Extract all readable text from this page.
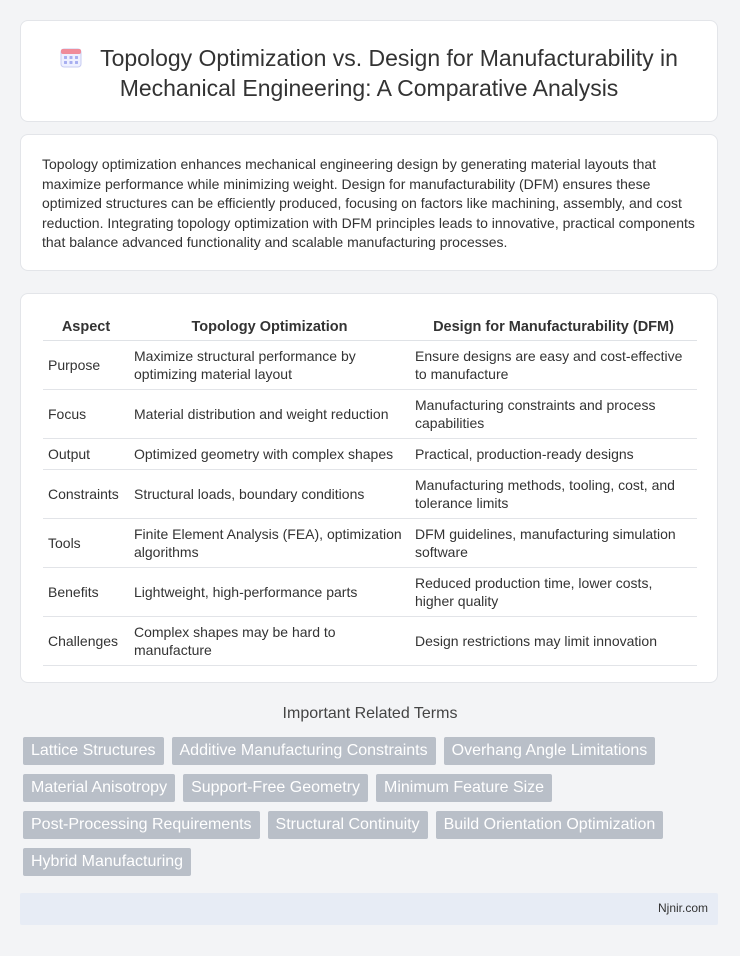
Topology Optimization vs. Design for Manufacturability in Mechanical Engineering: A Comparative Analysis
Topology optimization enhances mechanical engineering design by generating material layouts that maximize performance while minimizing weight. Design for manufacturability (DFM) ensures these optimized structures can be efficiently produced, focusing on factors like machining, assembly, and cost reduction. Integrating topology optimization with DFM principles leads to innovative, practical components that balance advanced functionality and scalable manufacturing processes.
Aspect	Topology Optimization	Design for Manufacturability (DFM)
Purpose	Maximize structural performance by optimizing material layout	Ensure designs are easy and cost-effective to manufacture
Focus	Material distribution and weight reduction	Manufacturing constraints and process capabilities
Output	Optimized geometry with complex shapes	Practical, production-ready designs
Constraints	Structural loads, boundary conditions	Manufacturing methods, tooling, cost, and tolerance limits
Tools	Finite Element Analysis (FEA), optimization algorithms	DFM guidelines, manufacturing simulation software
Benefits	Lightweight, high-performance parts	Reduced production time, lower costs, higher quality
Challenges	Complex shapes may be hard to manufacture	Design restrictions may limit innovation
Important Related Terms
Lattice Structures	Additive Manufacturing Constraints	Overhang Angle Limitations
Material Anisotropy	Support-Free Geometry	Minimum Feature Size
Post-Processing Requirements	Structural Continuity	Build Orientation Optimization
Hybrid Manufacturing
Njnir.com
